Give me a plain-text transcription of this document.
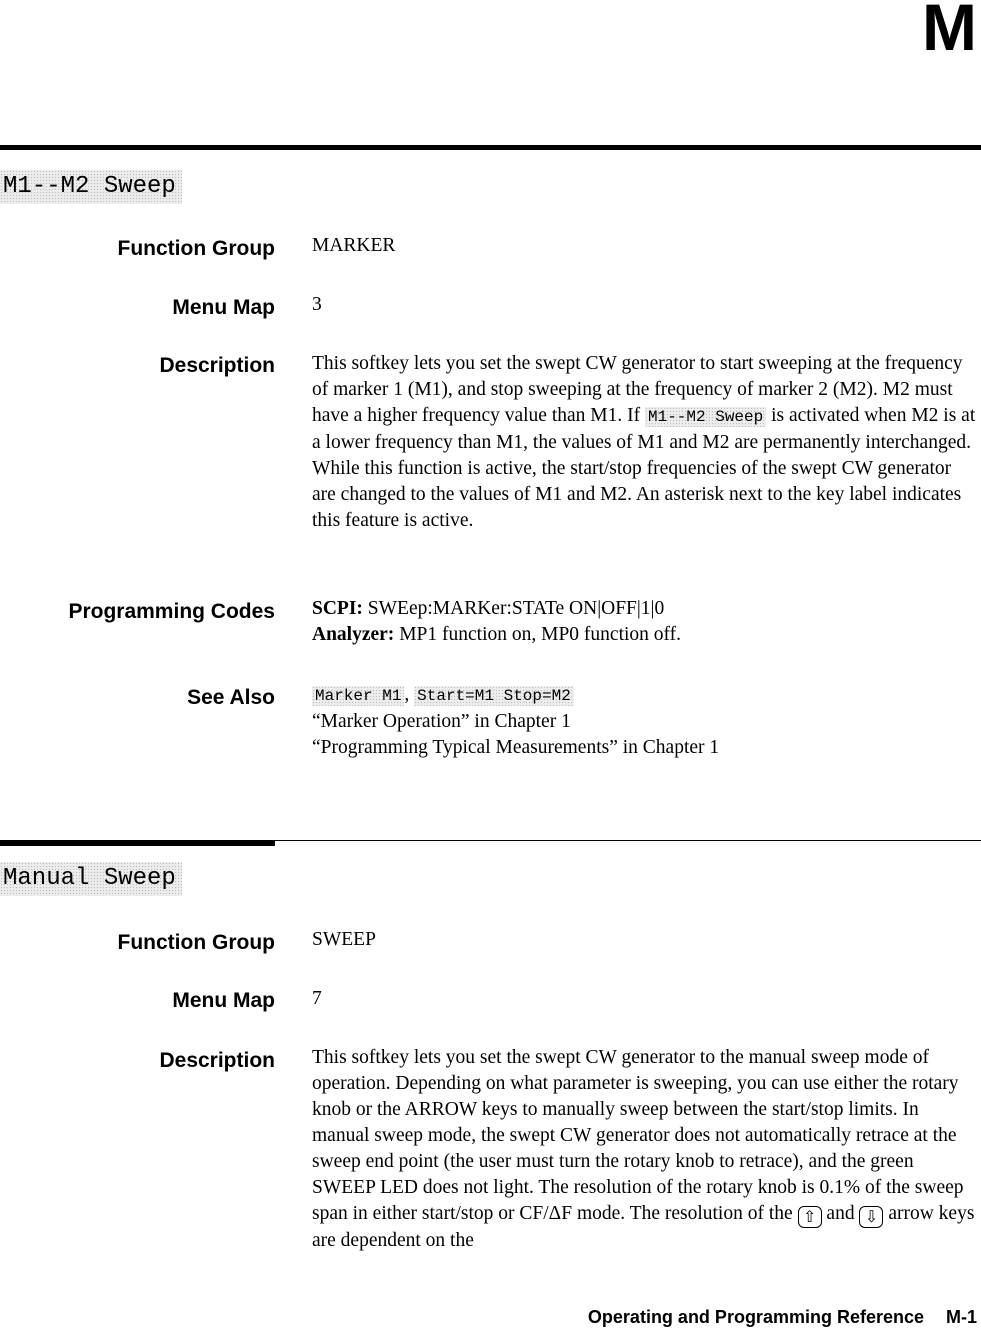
M
M1--M2 Sweep
Function Group MARKER
Menu Map 3
Description This softkey lets you set the swept CW generator to start sweeping at the frequency of marker 1 (M1), and stop sweeping at the frequency of marker 2 (M2). M2 must have a higher frequency value than M1. If M1--M2 Sweep is activated when M2 is at a lower frequency than M1, the values of M1 and M2 are permanently interchanged. While this function is active, the start/stop frequencies of the swept CW generator are changed to the values of M1 and M2. An asterisk next to the key label indicates this feature is active.

Programming Codes SCPI: SWEep:MARKer:STATe ON|OFF|1|0

Analyzer: MP1 function on, MP0 function off.

See Also	Marker M1 , Start=M1 Stop=M2

“Marker Operation” in Chapter 1

“Programming Typical Measurements” in Chapter 1

Manual Sweep
Function Group SWEEP
Menu Map 7
Description This softkey lets you set the swept CW generator to the manual sweep mode of operation. Depending on what parameter is sweeping, you can use either the rotary knob or the ARROW keys to manually sweep between the start/stop limits. In manual sweep mode, the swept CW generator does not automatically retrace at the sweep end point (the user must turn the rotary knob to retrace), and the green SWEEP LED does not light. The resolution of the rotary knob is 0.1% of the sweep span in either start/stop or CF/ΔF mode. The resolution of the ⇧ and ⇩ arrow keys are dependent on the

Operating and Programming Reference M-1
